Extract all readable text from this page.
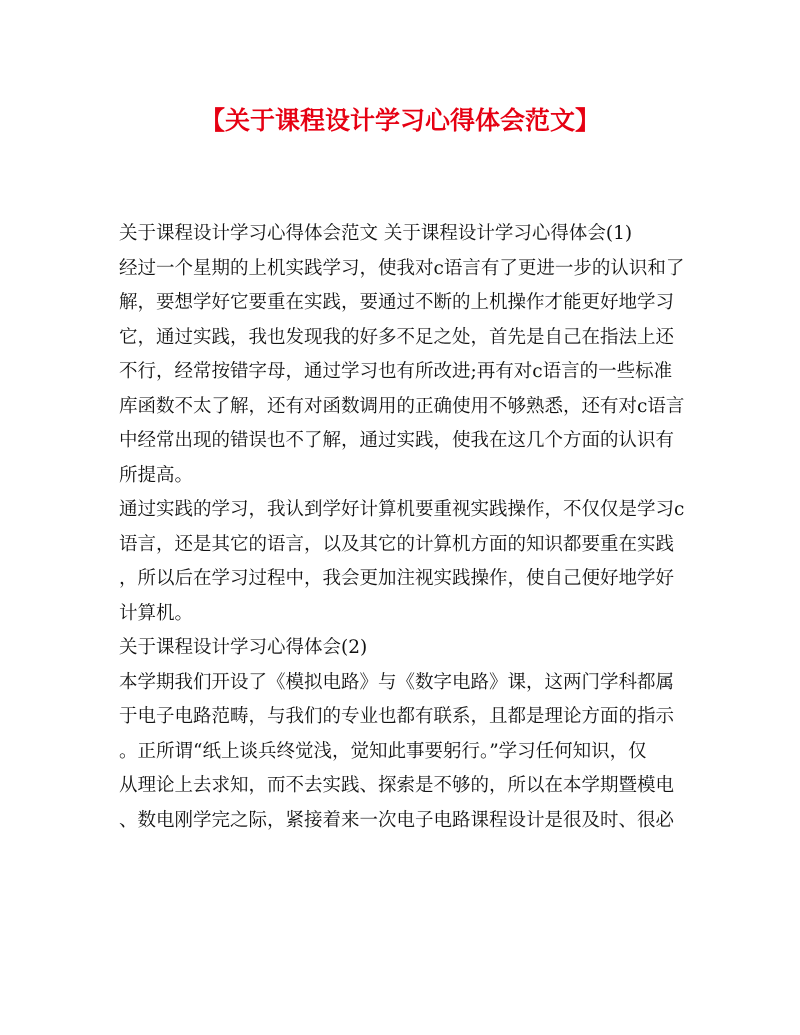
【关于课程设计学习心得体会范文】
关于课程设计学习心得体会范文 关于课程设计学习心得体会(1)
经过一个星期的上机实践学习，使我对c语言有了更进一步的认识和了
解，要想学好它要重在实践，要通过不断的上机操作才能更好地学习
它，通过实践，我也发现我的好多不足之处，首先是自己在指法上还
不行，经常按错字母，通过学习也有所改进;再有对c语言的一些标准
库函数不太了解，还有对函数调用的正确使用不够熟悉，还有对c语言
中经常出现的错误也不了解，通过实践，使我在这几个方面的认识有
所提高。
通过实践的学习，我认到学好计算机要重视实践操作，不仅仅是学习c
语言，还是其它的语言，以及其它的计算机方面的知识都要重在实践
，所以后在学习过程中，我会更加注视实践操作，使自己便好地学好
计算机。
关于课程设计学习心得体会(2)
本学期我们开设了《模拟电路》与《数字电路》课，这两门学科都属
于电子电路范畴，与我们的专业也都有联系，且都是理论方面的指示
。正所谓“纸上谈兵终觉浅，觉知此事要躬行。”学习任何知识，仅
从理论上去求知，而不去实践、探索是不够的，所以在本学期暨模电
、数电刚学完之际，紧接着来一次电子电路课程设计是很及时、很必
